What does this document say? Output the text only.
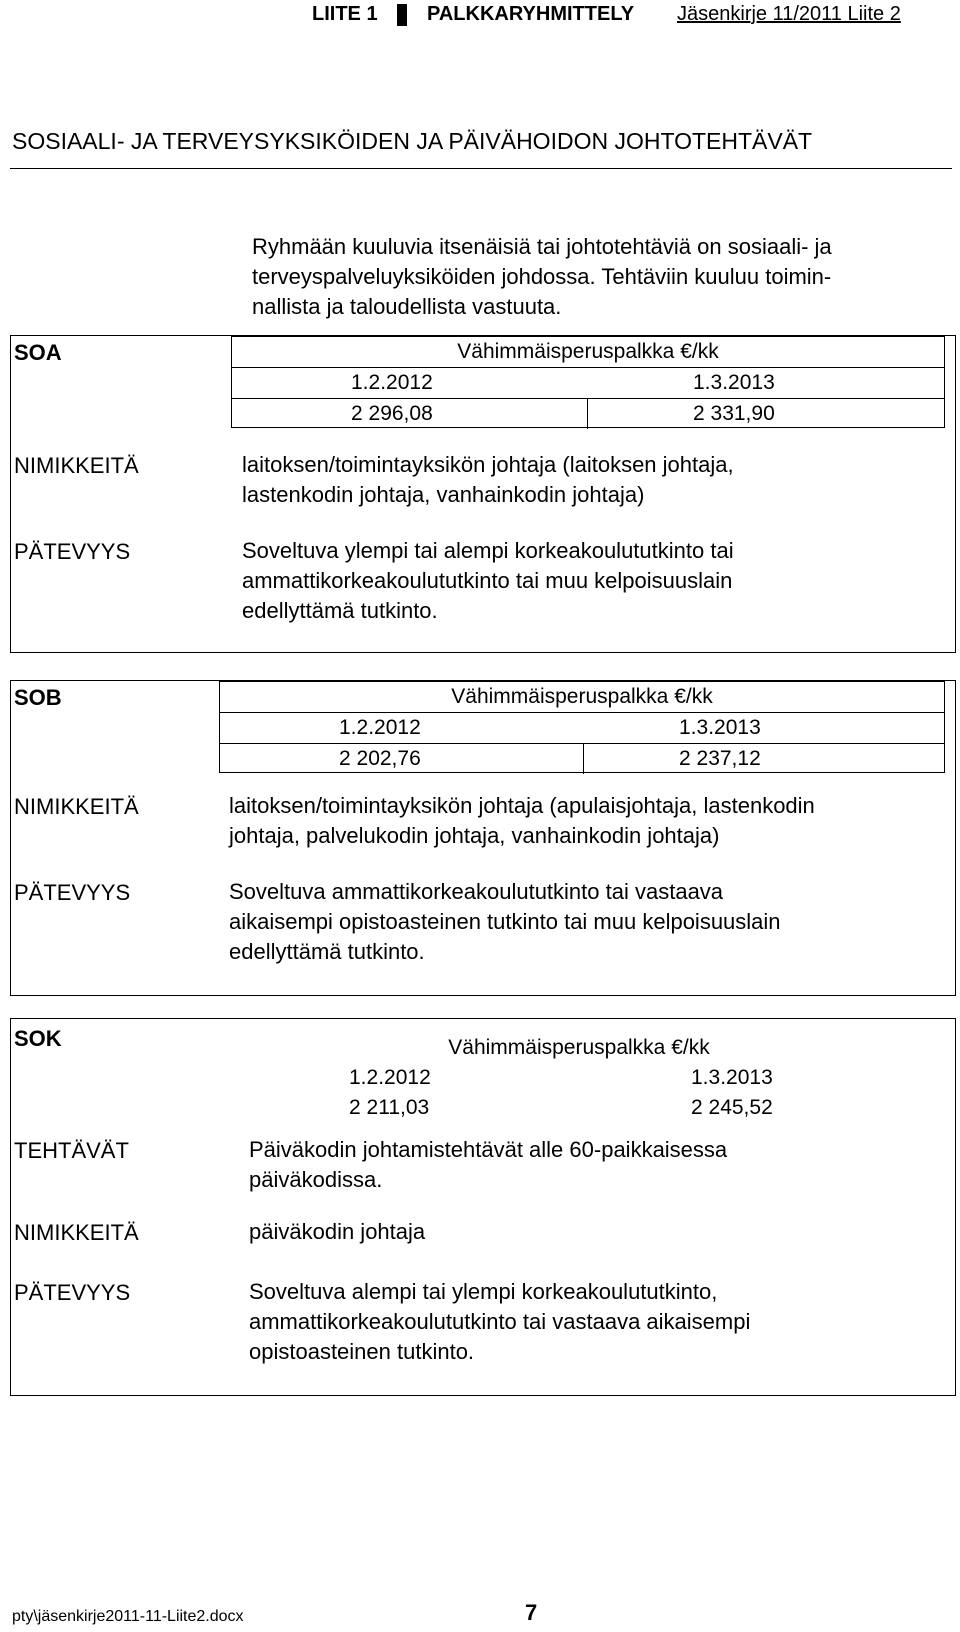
LIITE 1 PALKKARYHMITTELY Jäsenkirje 11/2011 Liite 2
SOSIAALI- JA TERVEYSYKSIKÖIDEN JA PÄIVÄHOIDON JOHTOTEHTÄVÄT
Ryhmään kuuluvia itsenäisiä tai johtotehtäviä on sosiaali- ja
terveyspalveluyksiköiden johdossa. Tehtäviin kuuluu toimin-
nallista ja taloudellista vastuuta.
SOA	Vähimmäisperuspalkka €/kk
1.2.2012	1.3.2013
2 296,08	2 331,90
NIMIKKEITÄ	laitoksen/toimintayksikön johtaja (laitoksen johtaja,
lastenkodin johtaja, vanhainkodin johtaja)
PÄTEVYYS	Soveltuva ylempi tai alempi korkeakoulututkinto tai
ammattikorkeakoulututkinto tai muu kelpoisuuslain
edellyttämä tutkinto.
SOB	Vähimmäisperuspalkka €/kk
1.2.2012	1.3.2013
2 202,76	2 237,12
NIMIKKEITÄ	laitoksen/toimintayksikön johtaja (apulaisjohtaja, lastenkodin
johtaja, palvelukodin johtaja, vanhainkodin johtaja)
PÄTEVYYS	Soveltuva ammattikorkeakoulututkinto tai vastaava
aikaisempi opistoasteinen tutkinto tai muu kelpoisuuslain
edellyttämä tutkinto.
SOK	Vähimmäisperuspalkka €/kk
1.2.2012	1.3.2013
2 211,03	2 245,52
TEHTÄVÄT	Päiväkodin johtamistehtävät alle 60-paikkaisessa
päiväkodissa.
NIMIKKEITÄ	päiväkodin johtaja
PÄTEVYYS	Soveltuva alempi tai ylempi korkeakoulututkinto,
ammattikorkeakoulututkinto tai vastaava aikaisempi
opistoasteinen tutkinto.
pty\jäsenkirje2011-11-Liite2.docx	7
